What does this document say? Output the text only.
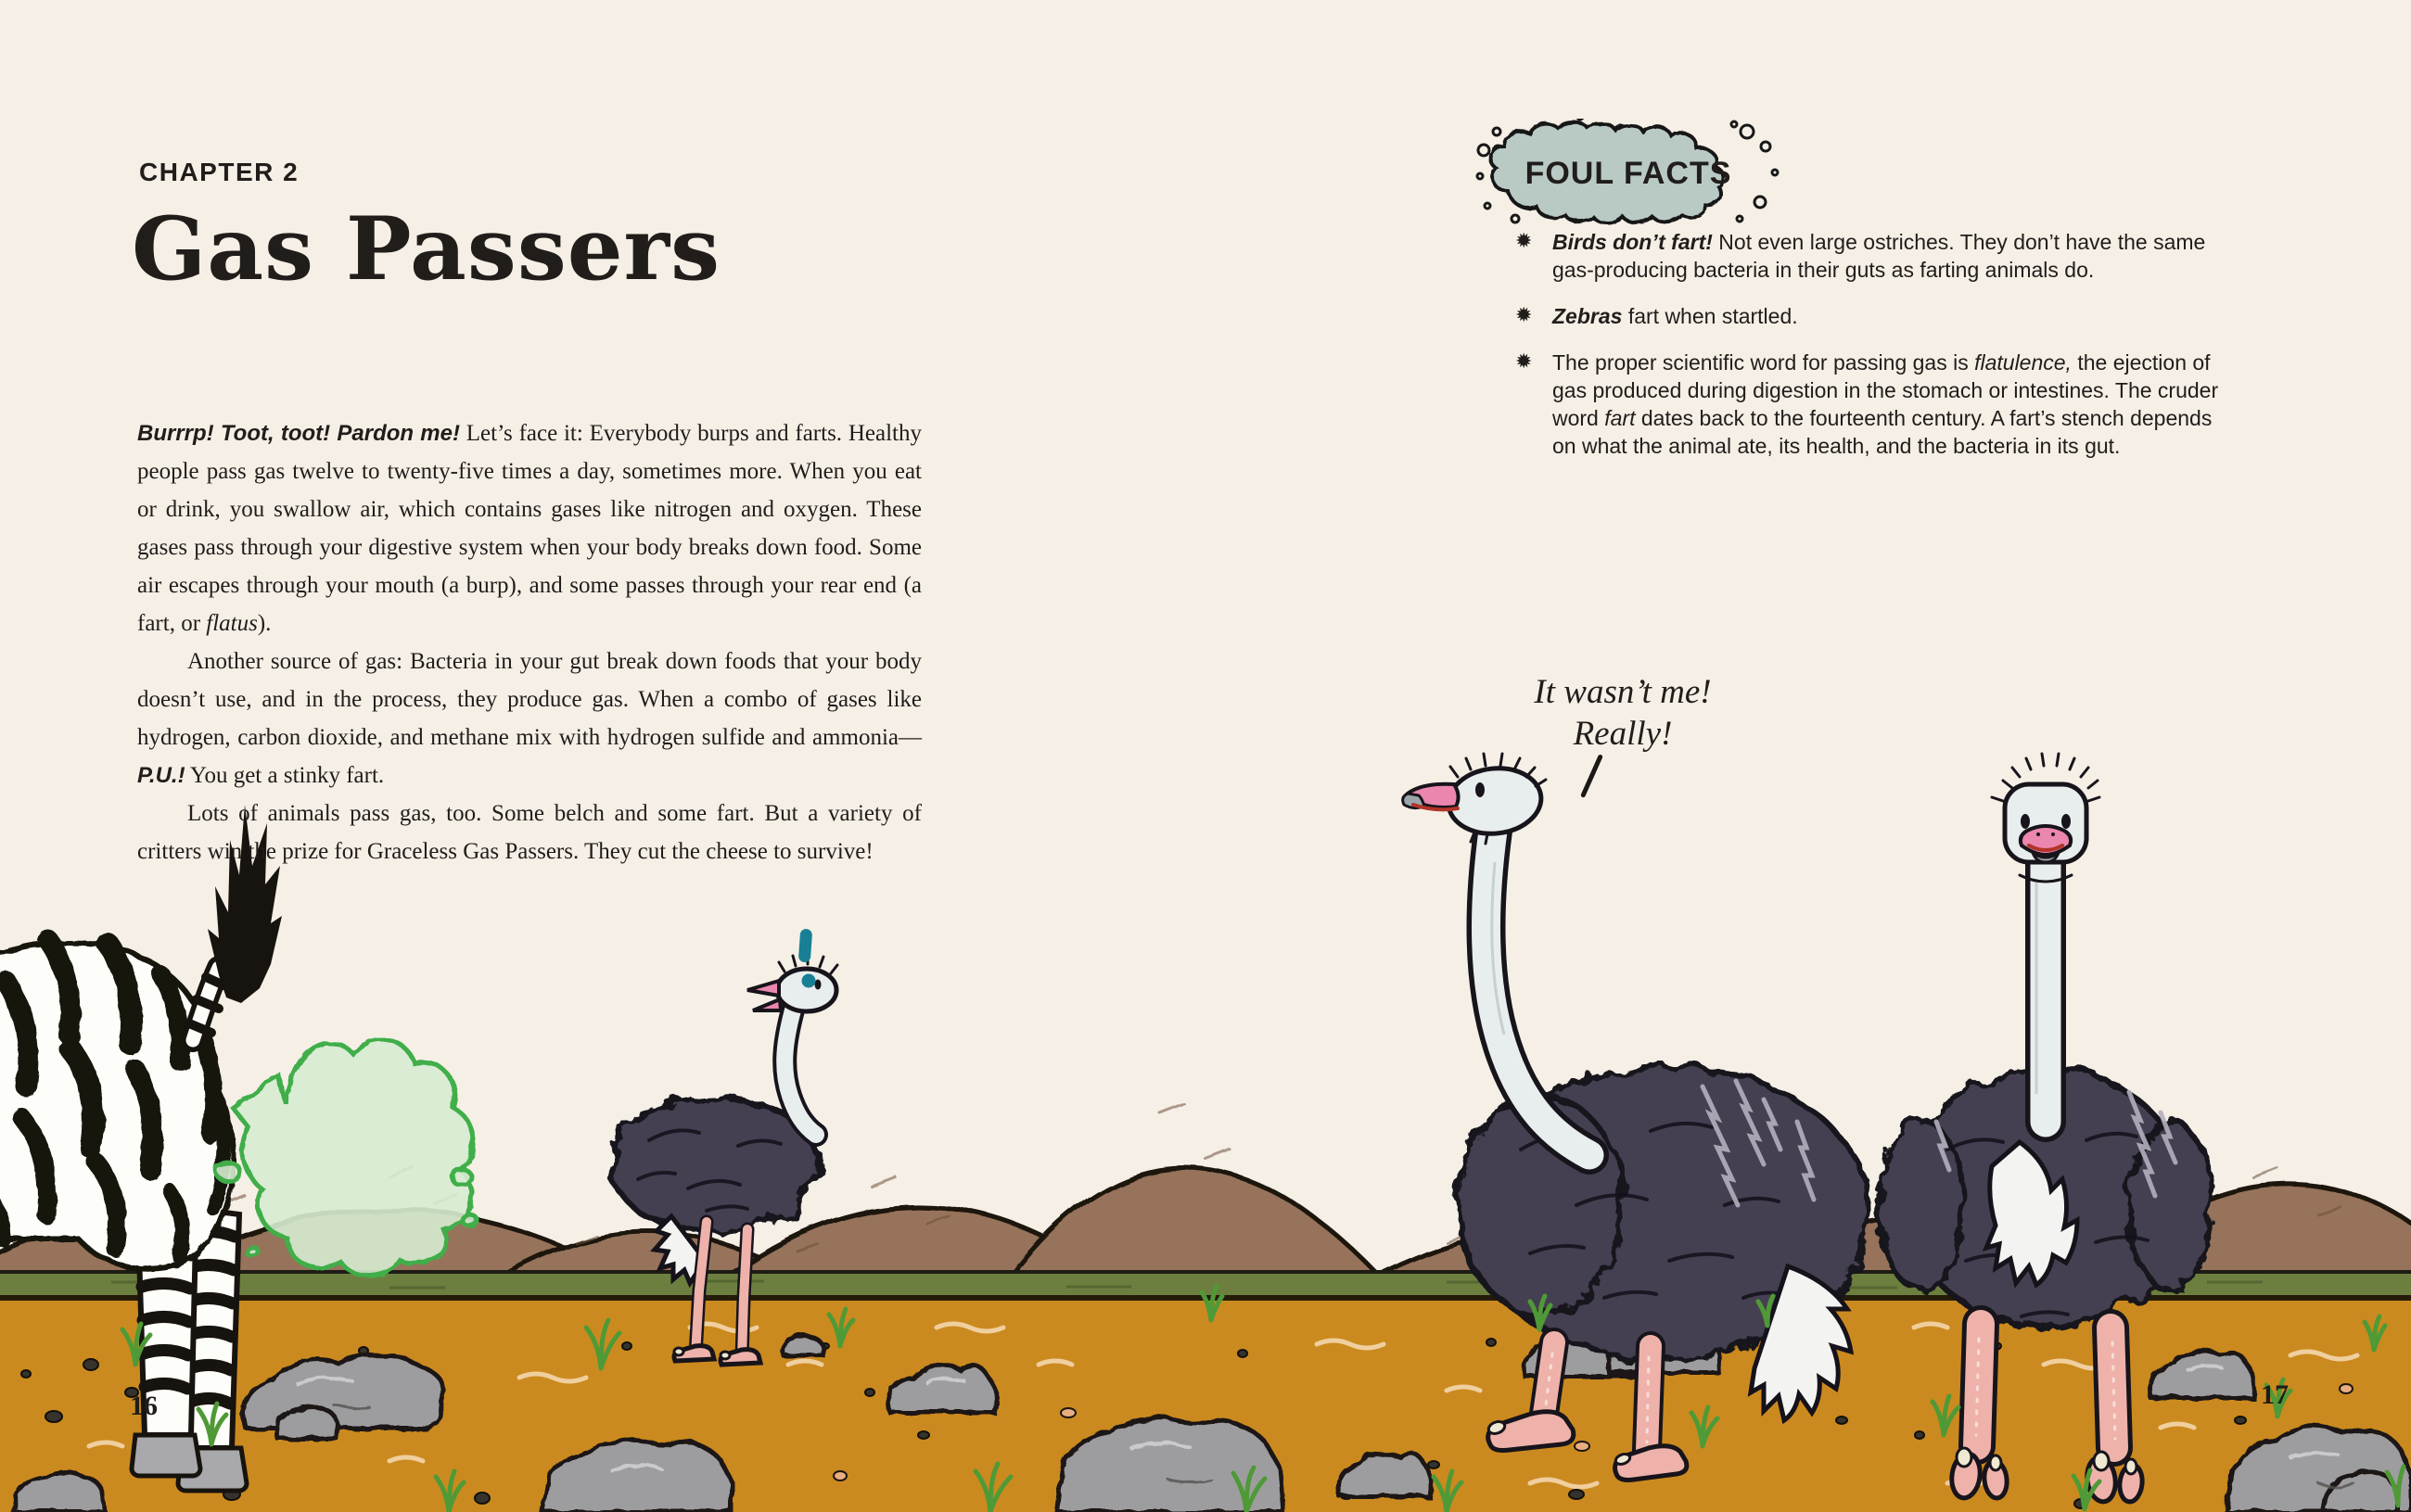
CHAPTER 2
Gas Passers

Burrrp! Toot, toot! Pardon me! Let’s face it: Everybody burps and farts. Healthy people pass gas twelve to twenty-five times a day, sometimes more. When you eat or drink, you swallow air, which contains gases like nitrogen and oxygen. These gases pass through your digestive system when your body breaks down food. Some air escapes through your mouth (a burp), and some passes through your rear end (a fart, or flatus).

Another source of gas: Bacteria in your gut break down foods that your body doesn’t use, and in the process, they produce gas. When a combo of gases like hydrogen, carbon dioxide, and methane mix with hydrogen sulfide and ammonia—P.U.! You get a stinky fart.

Lots of animals pass gas, too. Some belch and some fart. But a variety of critters win the prize for Graceless Gas Passers. They cut the cheese to survive!

16
FOUL FACTS
✹ Birds don’t fart! Not even large ostriches. They don’t have the same gas-producing bacteria in their guts as farting animals do.
✹ Zebras fart when startled.
✹ The proper scientific word for passing gas is flatulence, the ejection of gas produced during digestion in the stomach or intestines. The cruder word fart dates back to the fourteenth century. A fart’s stench depends on what the animal ate, its health, and the bacteria in its gut.
It wasn’t me!
Really!
17
